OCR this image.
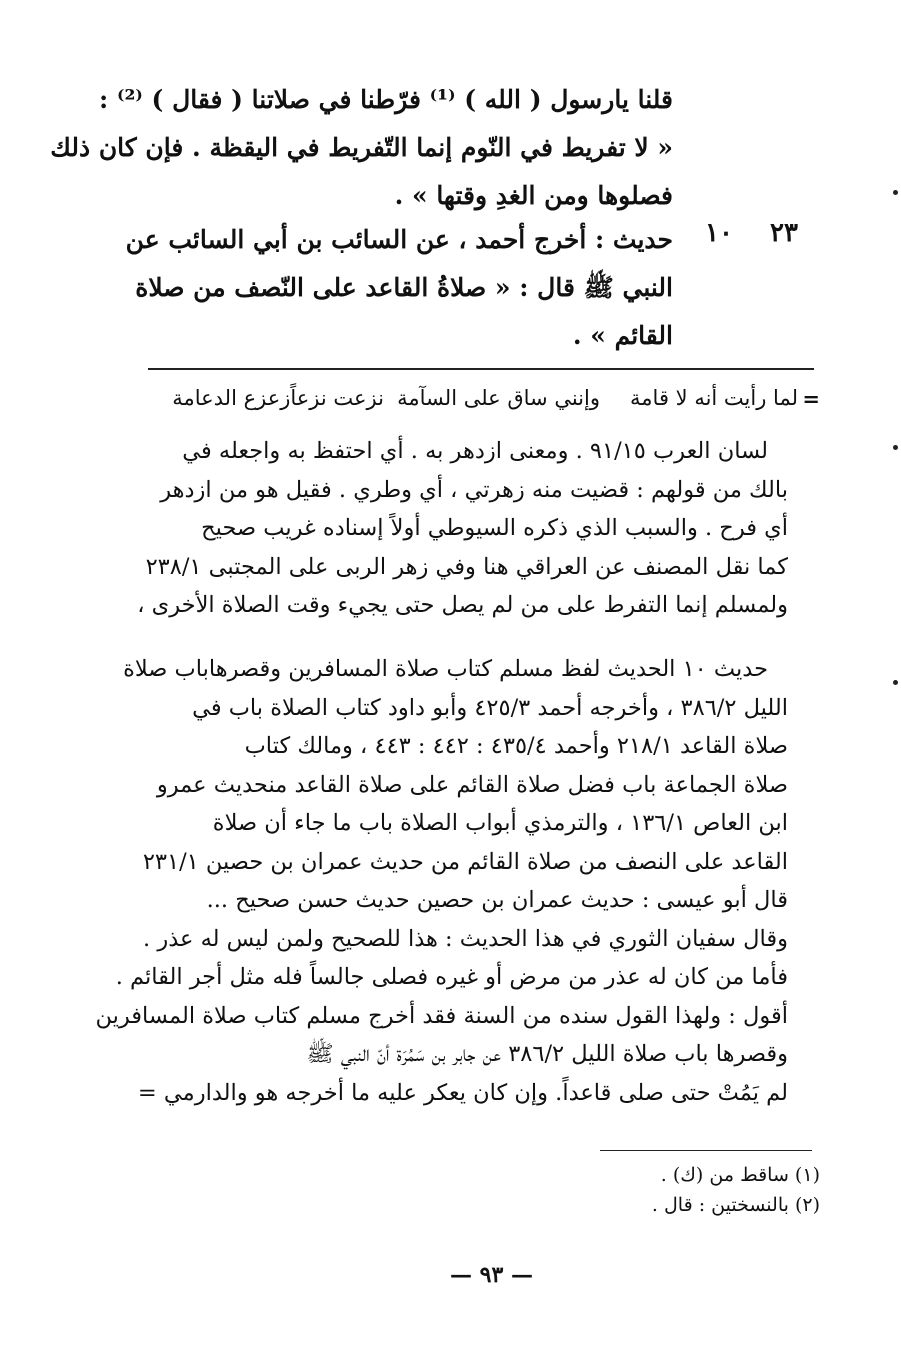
قلنا يارسول ( الله ) ⁽¹⁾ فرّطنا في صلاتنا ( فقال ) ⁽²⁾ :
« لا تفريط في النّوم إنما التّفريط في اليقظة . فإن كان ذلك
فصلوها ومن الغدِ وقتها » .
٢٣
١٠
حديث : أخرج أحمد ، عن السائب بن أبي السائب عن
النبي ﷺ قال : « صلاةُ القاعد على النّصف من صلاة
القائم » .
=
لما رأيت أنه لا قامة
وإنني ساق على السآمة
نزعت نزعاًزعزع الدعامة
لسان العرب ٩١/١٥ . ومعنى ازدهر به . أي احتفظ به واجعله في
بالك من قولهم : قضيت منه زهرتي ، أي وطري . فقيل هو من ازدهر
أي فرح . والسبب الذي ذكره السيوطي أولاً إسناده غريب صحيح
كما نقل المصنف عن العراقي هنا وفي زهر الربى على المجتبى ٢٣٨/١
ولمسلم إنما التفرط على من لم يصل حتى يجيء وقت الصلاة الأخرى ،
حديث ١٠ الحديث لفظ مسلم كتاب صلاة المسافرين وقصرهاباب صلاة
الليل ٣٨٦/٢ ، وأخرجه أحمد ٤٢٥/٣ وأبو داود كتاب الصلاة باب في
صلاة القاعد ٢١٨/١ وأحمد ٤٣٥/٤ : ٤٤٢ : ٤٤٣ ، ومالك كتاب
صلاة الجماعة باب فضل صلاة القائم على صلاة القاعد منحديث عمرو
ابن العاص ١٣٦/١ ، والترمذي أبواب الصلاة باب ما جاء أن صلاة
القاعد على النصف من صلاة القائم من حديث عمران بن حصين ٢٣١/١
قال أبو عيسى : حديث عمران بن حصين حديث حسن صحيح ...
وقال سفيان الثوري في هذا الحديث : هذا للصحيح ولمن ليس له عذر .
فأما من كان له عذر من مرض أو غيره فصلى جالساً فله مثل أجر القائم .
أقول : ولهذا القول سنده من السنة فقد أخرج مسلم كتاب صلاة المسافرين
وقصرها باب صلاة الليل ٣٨٦/٢ عن جابر بن سَمُرَة أنّ النبي ﷺ
لم يَمُتْ حتى صلى قاعداً. وإن كان يعكر عليه ما أخرجه هو والدارمي =
(١) ساقط من (ك) .
(٢) بالنسختين : قال .
— ٩٣ —
